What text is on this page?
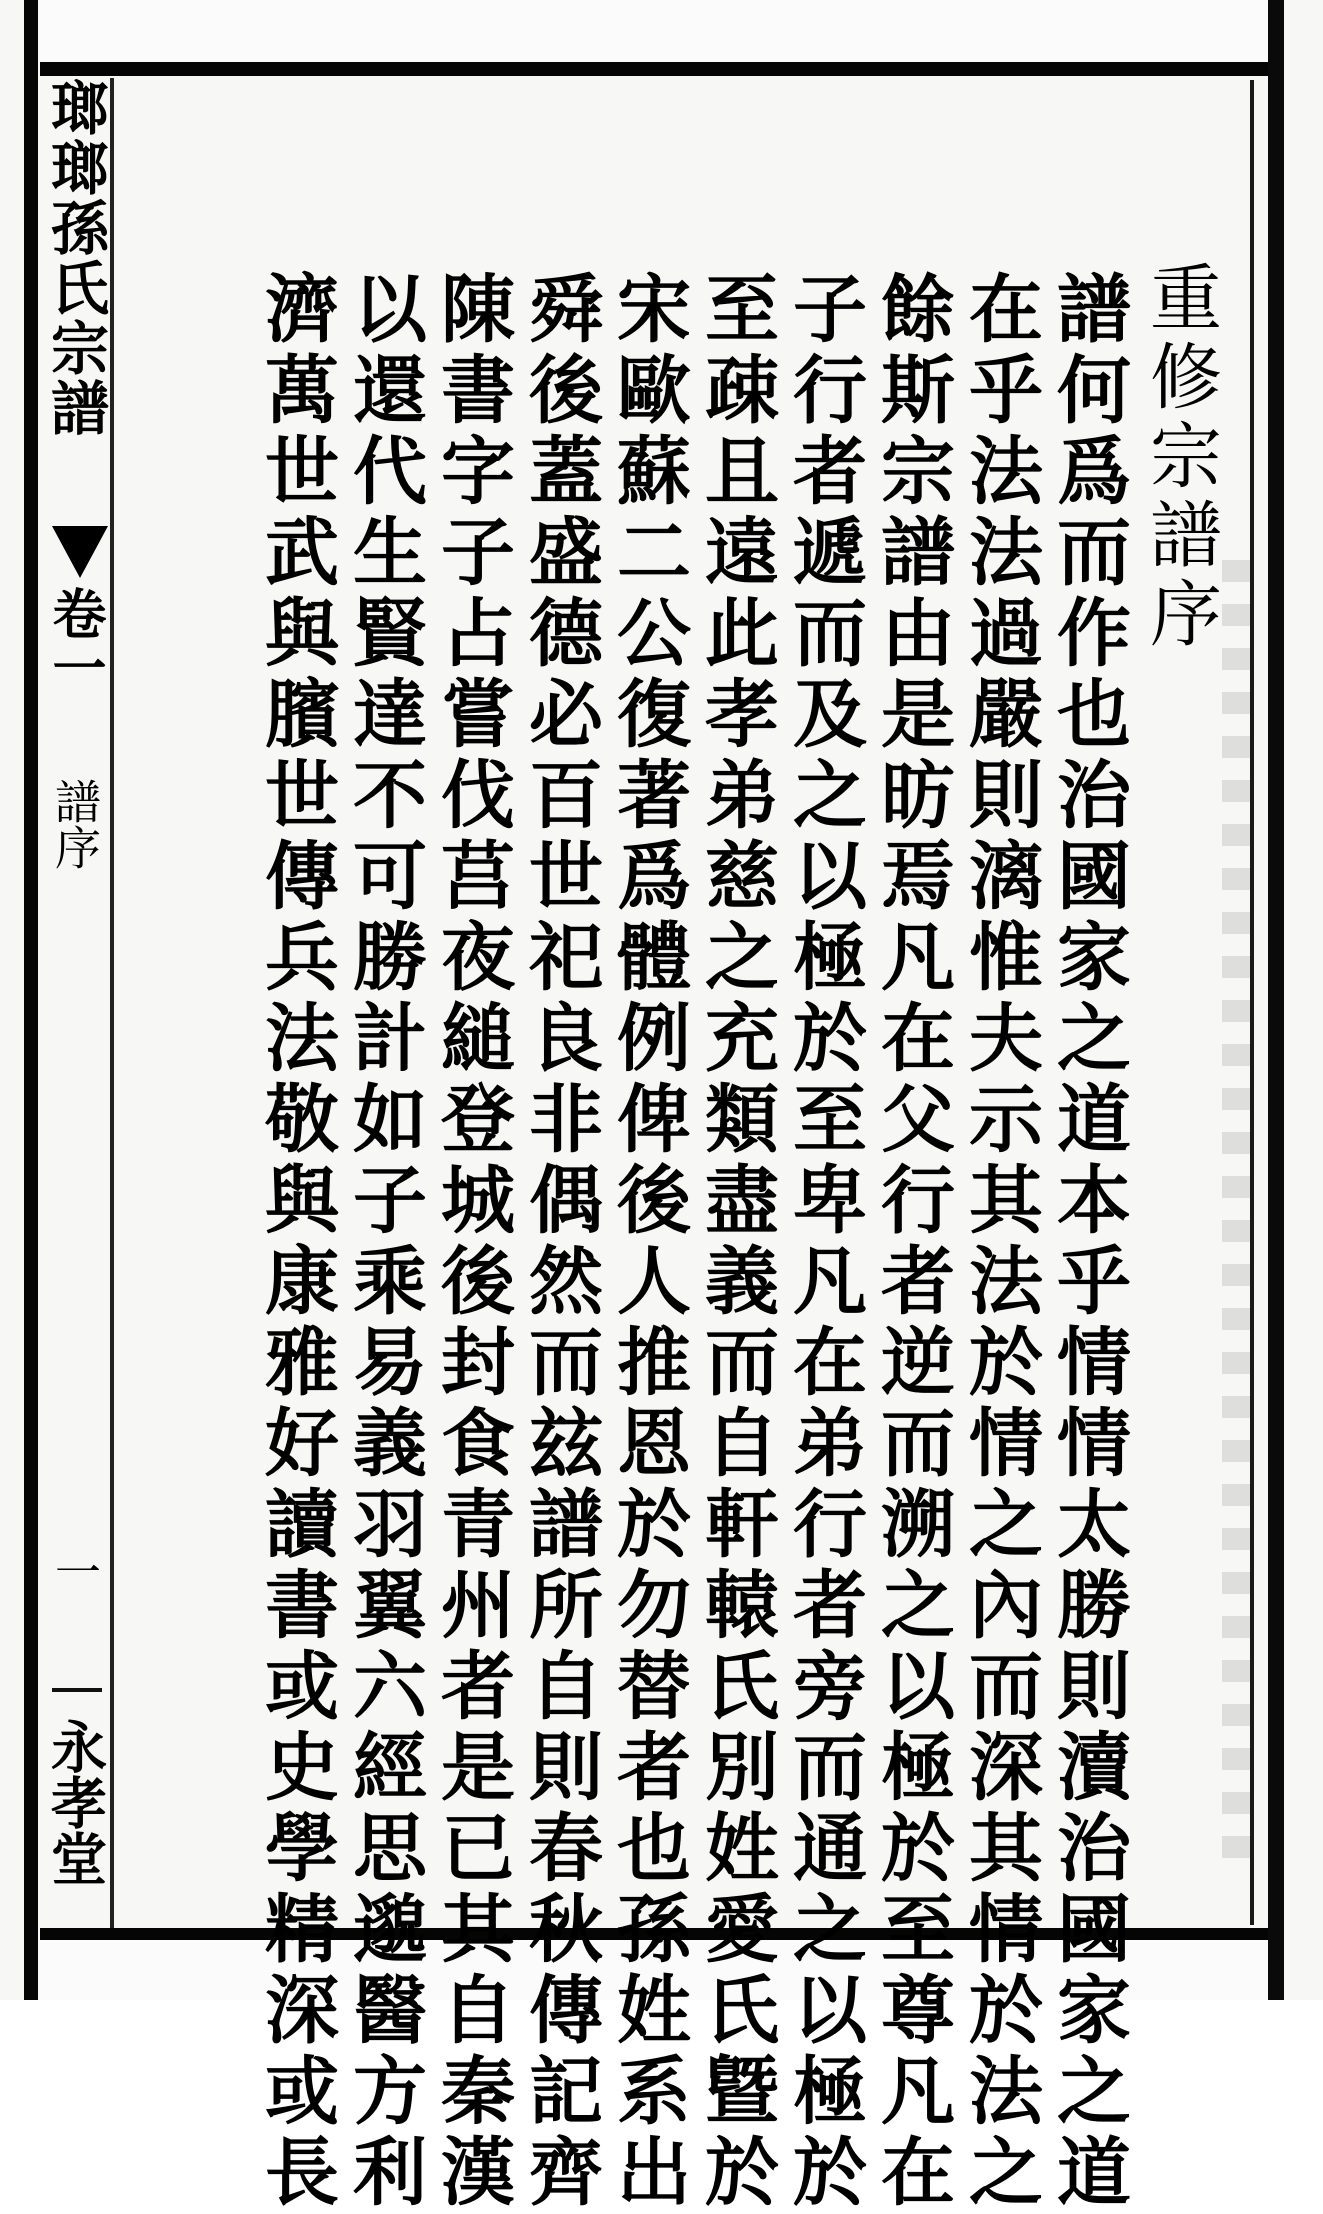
瑯瑯孫氏宗譜
卷一
譜序
一
永孝堂
重修宗譜序
譜何爲而作也治國家之道本乎情情太勝則瀆治國家之道
在乎法法過嚴則漓惟夫示其法於情之內而深其情於法之
餘斯宗譜由是昉焉凡在父行者逆而溯之以極於至尊凡在
子行者遞而及之以極於至卑凡在弟行者旁而通之以極於
至疎且遠此孝弟慈之充類盡義而自軒轅氏別姓愛氏曁於
宋歐蘇二公復著爲體例俾後人推恩於勿替者也孫姓系出
舜後蓋盛德必百世祀良非偶然而玆譜所自則春秋傳記齊
陳書字子占嘗伐莒夜縋登城後封食青州者是已其自秦漢
以還代生賢達不可勝計如子乘易義羽翼六經思邈醫方利
濟萬世武與臏世傳兵法敬與康雅好讀書或史學精深或長
